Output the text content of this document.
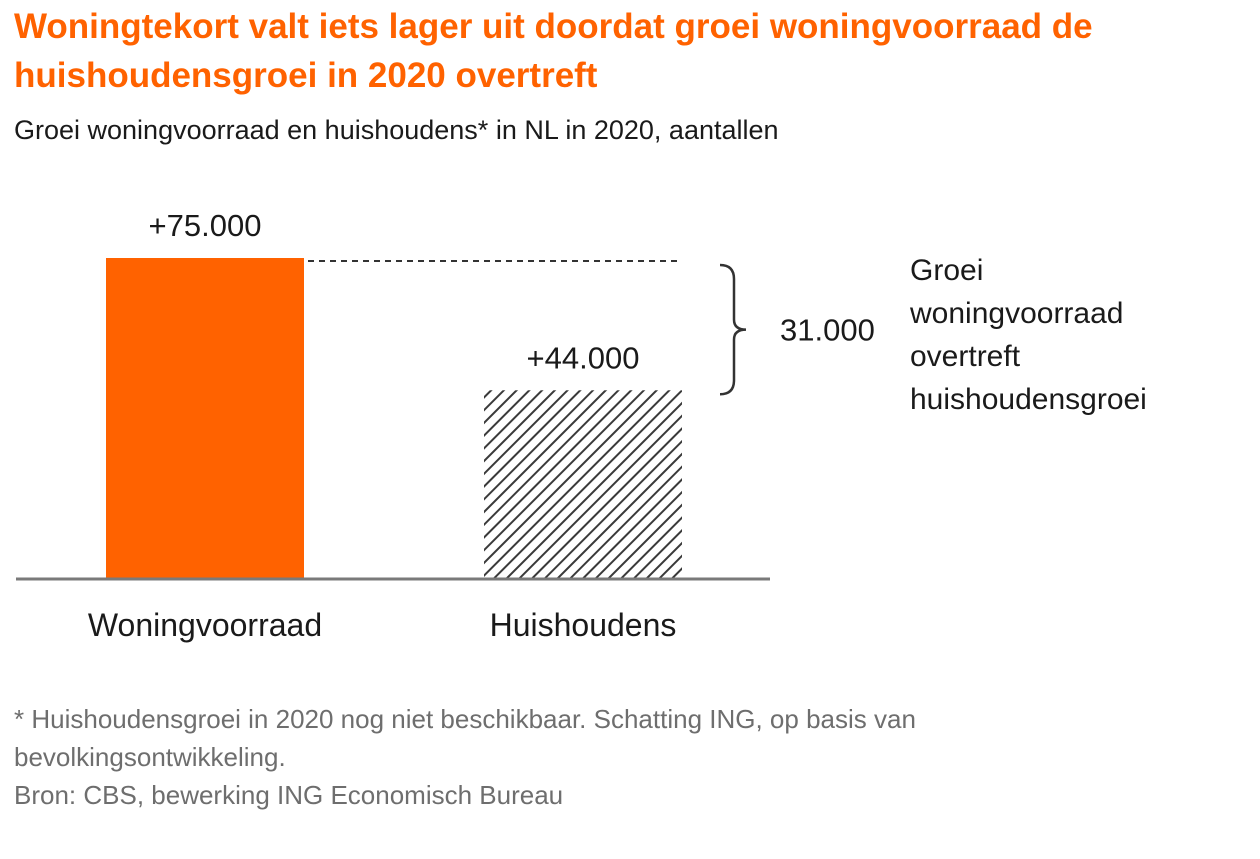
Woningtekort valt iets lager uit doordat groei woningvoorraad de huishoudensgroei in 2020 overtreft
Groei woningvoorraad en huishoudens* in NL in 2020, aantallen
+75.000
Woningvoorraad
+44.000
Huishoudens
31.000
Groei
woningvoorraad
overtreft
huishoudensgroei
* Huishoudensgroei in 2020 nog niet beschikbaar. Schatting ING, op basis van
bevolkingsontwikkeling.
Bron: CBS, bewerking ING Economisch Bureau
